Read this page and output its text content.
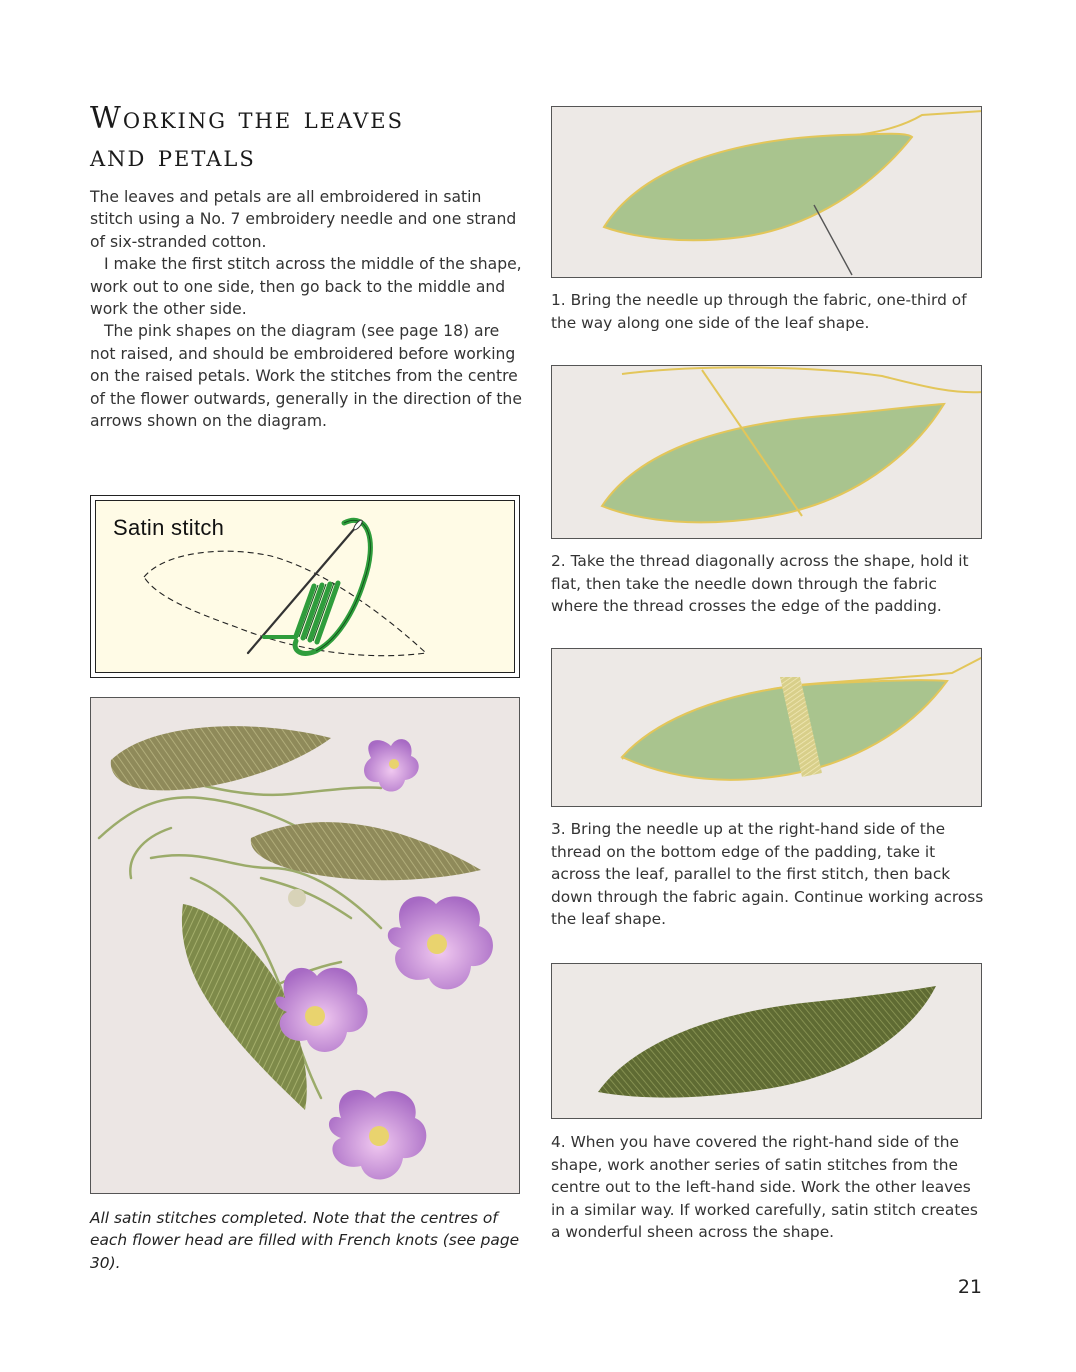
Working the leaves
and petals

The leaves and petals are all embroidered in satin stitch using a No. 7 embroidery needle and one strand of six-stranded cotton.

I make the first stitch across the middle of the shape, work out to one side, then go back to the middle and work the other side.

The pink shapes on the diagram (see page 18) are not raised, and should be embroidered before working on the raised petals. Work the stitches from the centre of the flower outwards, generally in the direction of the arrows shown on the diagram.

Satin stitch
All satin stitches completed. Note that the centres of each flower head are filled with French knots (see page 30).
1. Bring the needle up through the fabric, one-third of the way along one side of the leaf shape.
2. Take the thread diagonally across the shape, hold it flat, then take the needle down through the fabric where the thread crosses the edge of the padding.
3. Bring the needle up at the right-hand side of the thread on the bottom edge of the padding, take it across the leaf, parallel to the first stitch, then back down through the fabric again. Continue working across the leaf shape.
4. When you have covered the right-hand side of the shape, work another series of satin stitches from the centre out to the left-hand side. Work the other leaves in a similar way. If worked carefully, satin stitch creates a wonderful sheen across the shape.
21
